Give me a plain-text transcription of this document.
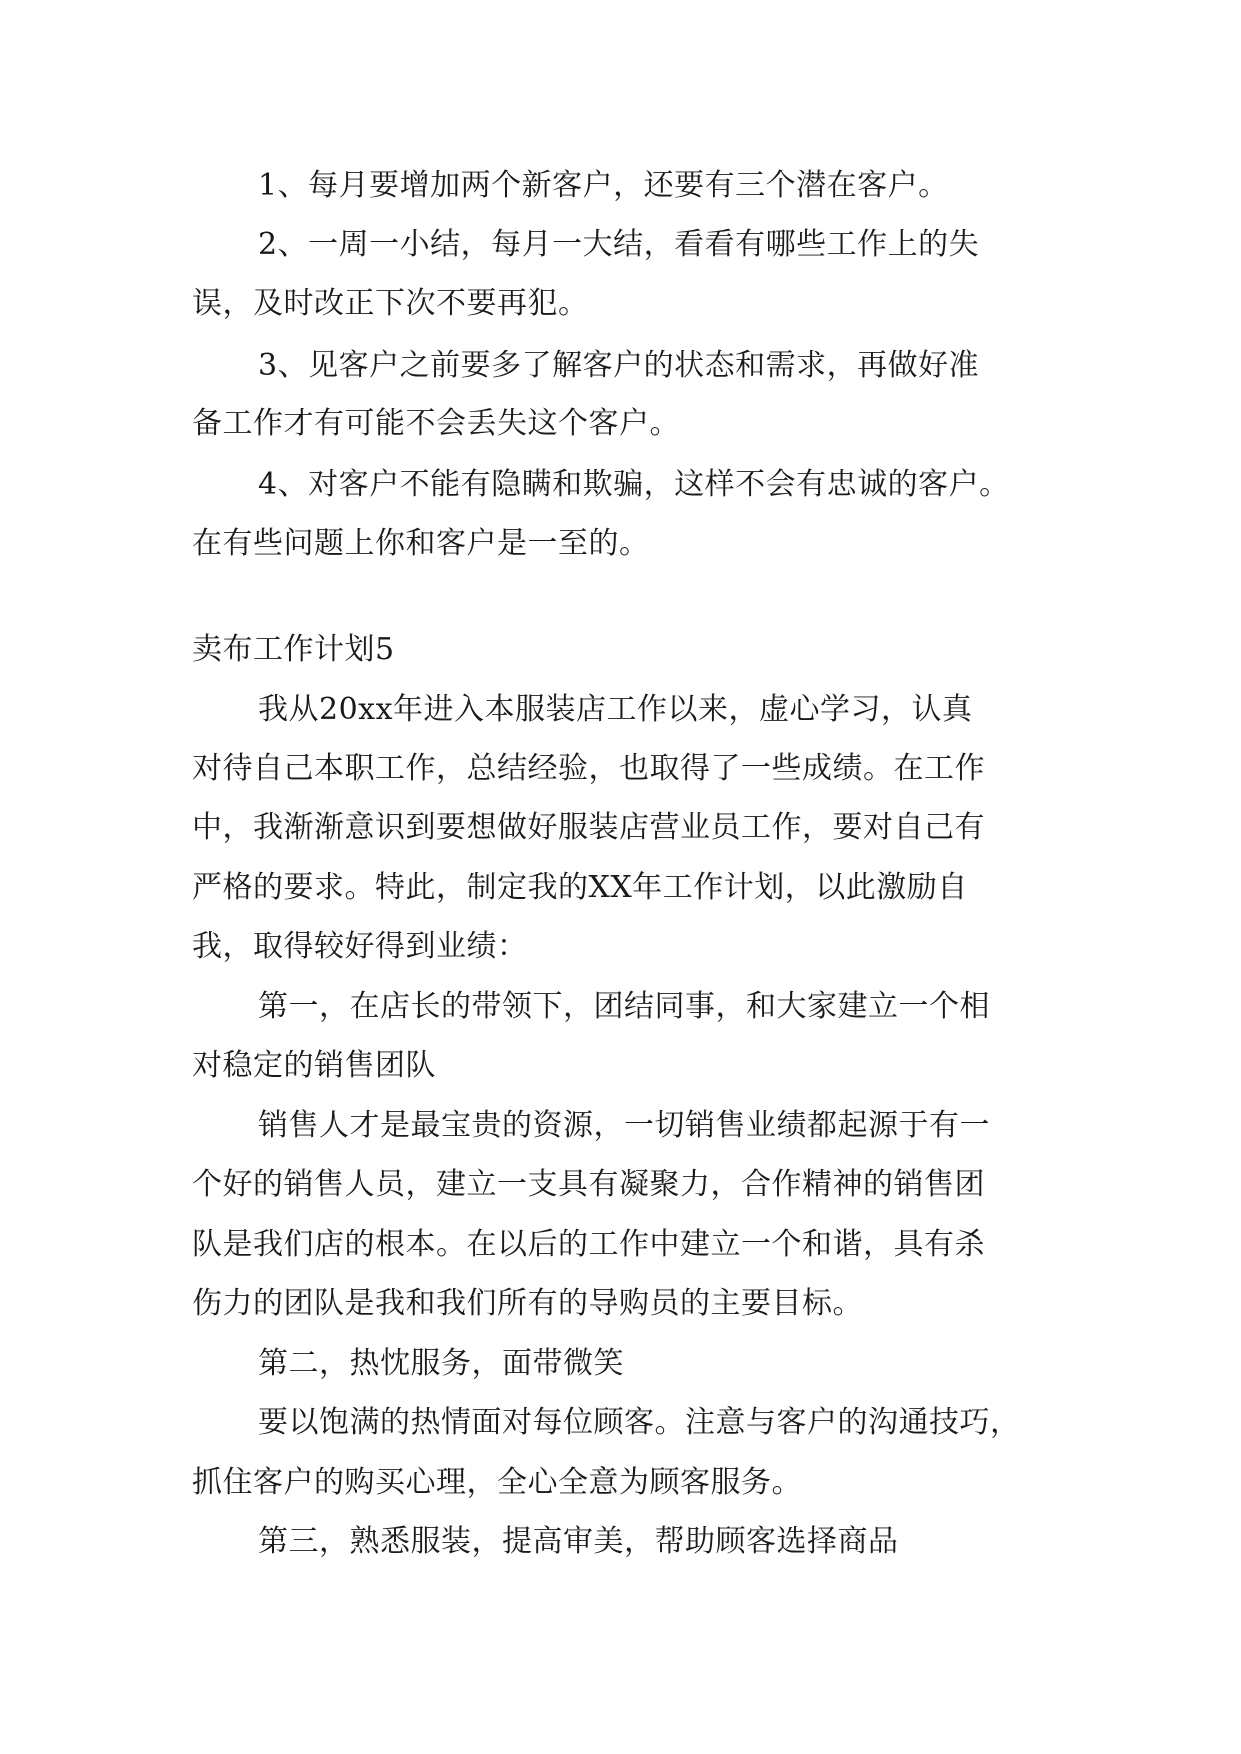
1、每月要增加两个新客户，还要有三个潜在客户。
2、一周一小结，每月一大结，看看有哪些工作上的失
误，及时改正下次不要再犯。
3、见客户之前要多了解客户的状态和需求，再做好准
备工作才有可能不会丢失这个客户。
4、对客户不能有隐瞒和欺骗，这样不会有忠诚的客户。
在有些问题上你和客户是一至的。
卖布工作计划5
我从20xx年进入本服装店工作以来，虚心学习，认真
对待自己本职工作，总结经验，也取得了一些成绩。在工作
中，我渐渐意识到要想做好服装店营业员工作，要对自己有
严格的要求。特此，制定我的XX年工作计划，以此激励自
我，取得较好得到业绩：
第一，在店长的带领下，团结同事，和大家建立一个相
对稳定的销售团队
销售人才是最宝贵的资源，一切销售业绩都起源于有一
个好的销售人员，建立一支具有凝聚力，合作精神的销售团
队是我们店的根本。在以后的工作中建立一个和谐，具有杀
伤力的团队是我和我们所有的导购员的主要目标。
第二，热忱服务，面带微笑
要以饱满的热情面对每位顾客。注意与客户的沟通技巧，
抓住客户的购买心理，全心全意为顾客服务。
第三，熟悉服装，提高审美，帮助顾客选择商品
